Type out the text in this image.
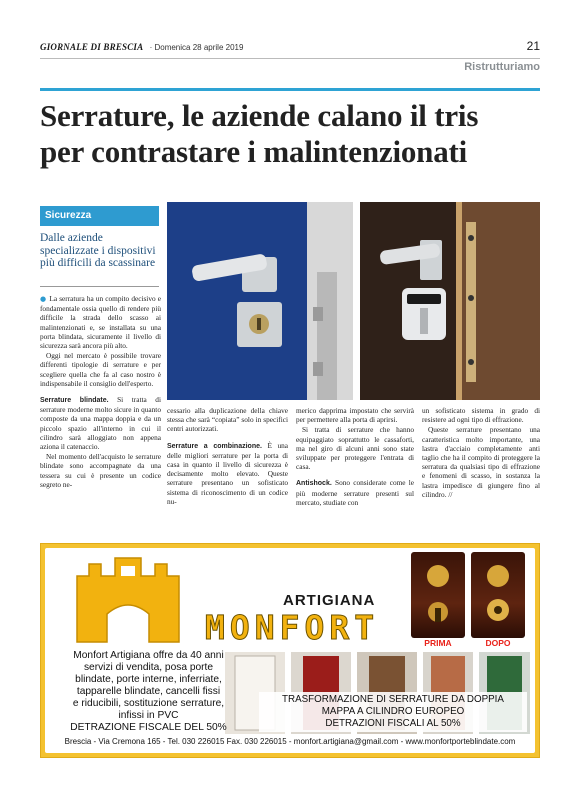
GIORNALE DI BRESCIA · Domenica 28 aprile 2019	21
Ristrutturiamo
Serrature, le aziende calano il tris
per contrastare i malintenzionati
Sicurezza
Dalle aziende specializzate i dispositivi più difficili da scassinare

● La serratura ha un compito decisivo e fondamentale ossia quello di rendere più difficile la strada dello scasso ai malintenzionati e, se installata su una porta blindata, sicuramente il livello di sicurezza sarà ancora più alto.

Oggi nel mercato è possibile trovare differenti tipologie di serrature e per scegliere quella che fa al caso nostro è indispensabile il consiglio dell'esperto.

Serrature blindate. Si tratta di serrature moderne molto sicure in quanto composte da una mappa doppia e da un piccolo spazio all'interno in cui il cilindro sarà alloggiato non appena aziona il catenaccio.

Nel momento dell'acquisto le serrature blindate sono accompagnate da una tessera su cui è presente un codice segreto ne-

cessario alla duplicazione della chiave stessa che sarà “copiata” solo in specifici centri autorizzati.

Serrature a combinazione. È una delle migliori serrature per la porta di casa in quanto il livello di sicurezza è decisamente molto elevato. Queste serrature presentano un sofisticato sistema di riconoscimento di un codice nu-

merico dapprima impostato che servirà per permettere alla porta di aprirsi.

Si tratta di serrature che hanno equipaggiato soprattutto le cassaforti, ma nel giro di alcuni anni sono state sviluppate per proteggere l'entrata di casa.

Antishock. Sono considerate come le più moderne serrature presenti sul mercato, studiate con

un sofisticato sistema in grado di resistere ad ogni tipo di effrazione.

Queste serrature presentano una caratteristica molto importante, una lastra d'acciaio completamente anti taglio che ha il compito di proteggere la serratura da qualsiasi tipo di effrazione e fenomeni di scasso, in sostanza la lastra impedisce di giungere fino al cilindro. //

ARTIGIANA
MONFORT	PRIMA	DOPO
Monfort Artigiana offre da 40 anni
servizi di vendita, posa porte
blindate, porte interne, inferriate,
tapparelle blindate, cancelli fissi
e riducibili, sostituzione serrature,
infissi in PVC
DETRAZIONE FISCALE DEL 50%
TRASFORMAZIONE DI SERRATURE DA DOPPIA
MAPPA A CILINDRO EUROPEO
DETRAZIONI FISCALI AL 50%
Brescia - Via Cremona 165 - Tel. 030 226015 Fax. 030 226015 - monfort.artigiana@gmail.com - www.monfortporteblindate.com
